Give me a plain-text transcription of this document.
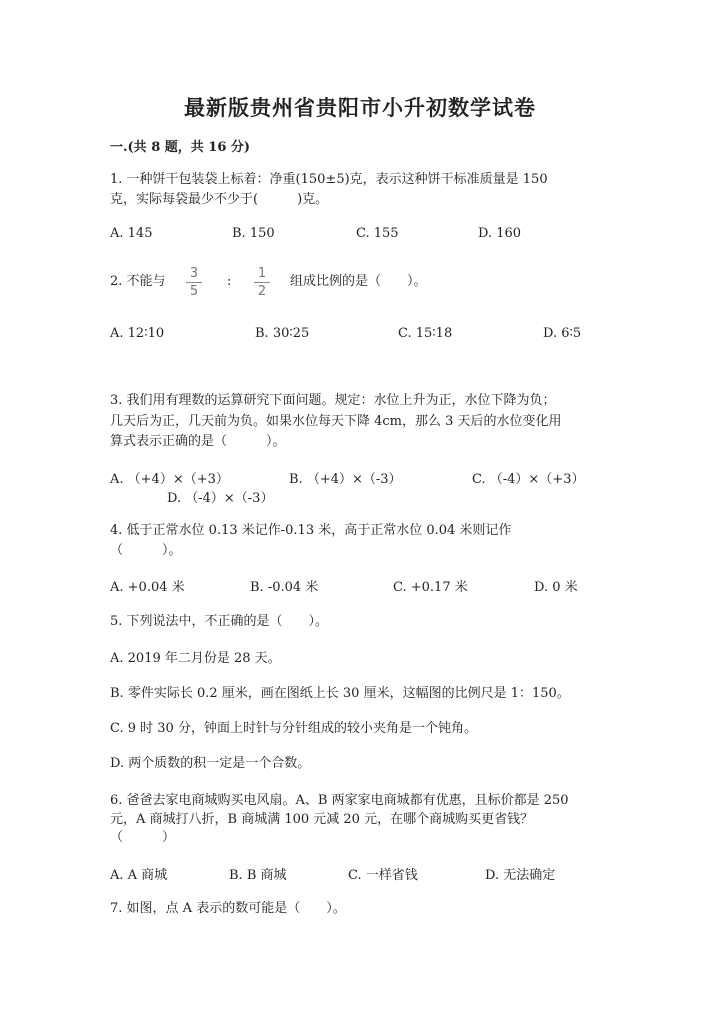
最新版贵州省贵阳市小升初数学试卷
一.(共 8 题，共 16 分)
1. 一种饼干包装袋上标着：净重(150±5)克，表示这种饼干标准质量是 150
克，实际每袋最少不少于(　　　)克。
A. 145	B. 150	C. 155	D. 160
2. 不能与
3
5
:
1
2
组成比例的是（　　）。
A. 12∶10	B. 30∶25	C. 15∶18	D. 6∶5
3. 我们用有理数的运算研究下面问题。规定：水位上升为正，水位下降为负；
几天后为正，几天前为负。如果水位每天下降 4cm，那么 3 天后的水位变化用
算式表示正确的是（　　　）。
A. （+4）×（+3）	B. （+4）×（-3）	C. （-4）×（+3）
D. （-4）×（-3）
4. 低于正常水位 0.13 米记作-0.13 米，高于正常水位 0.04 米则记作
（　　　）。
A. +0.04 米	B. -0.04 米	C. +0.17 米	D. 0 米
5. 下列说法中，不正确的是（　　）。
A. 2019 年二月份是 28 天。
B. 零件实际长 0.2 厘米，画在图纸上长 30 厘米，这幅图的比例尺是 1：150。
C. 9 时 30 分，钟面上时针与分针组成的较小夹角是一个钝角。
D. 两个质数的积一定是一个合数。
6. 爸爸去家电商城购买电风扇。A、B 两家家电商城都有优惠，且标价都是 250
元，A 商城打八折，B 商城满 100 元减 20 元，在哪个商城购买更省钱？
（　　　）
A. A 商城	B. B 商城	C. 一样省钱	D. 无法确定
7. 如图，点 A 表示的数可能是（　　）。
